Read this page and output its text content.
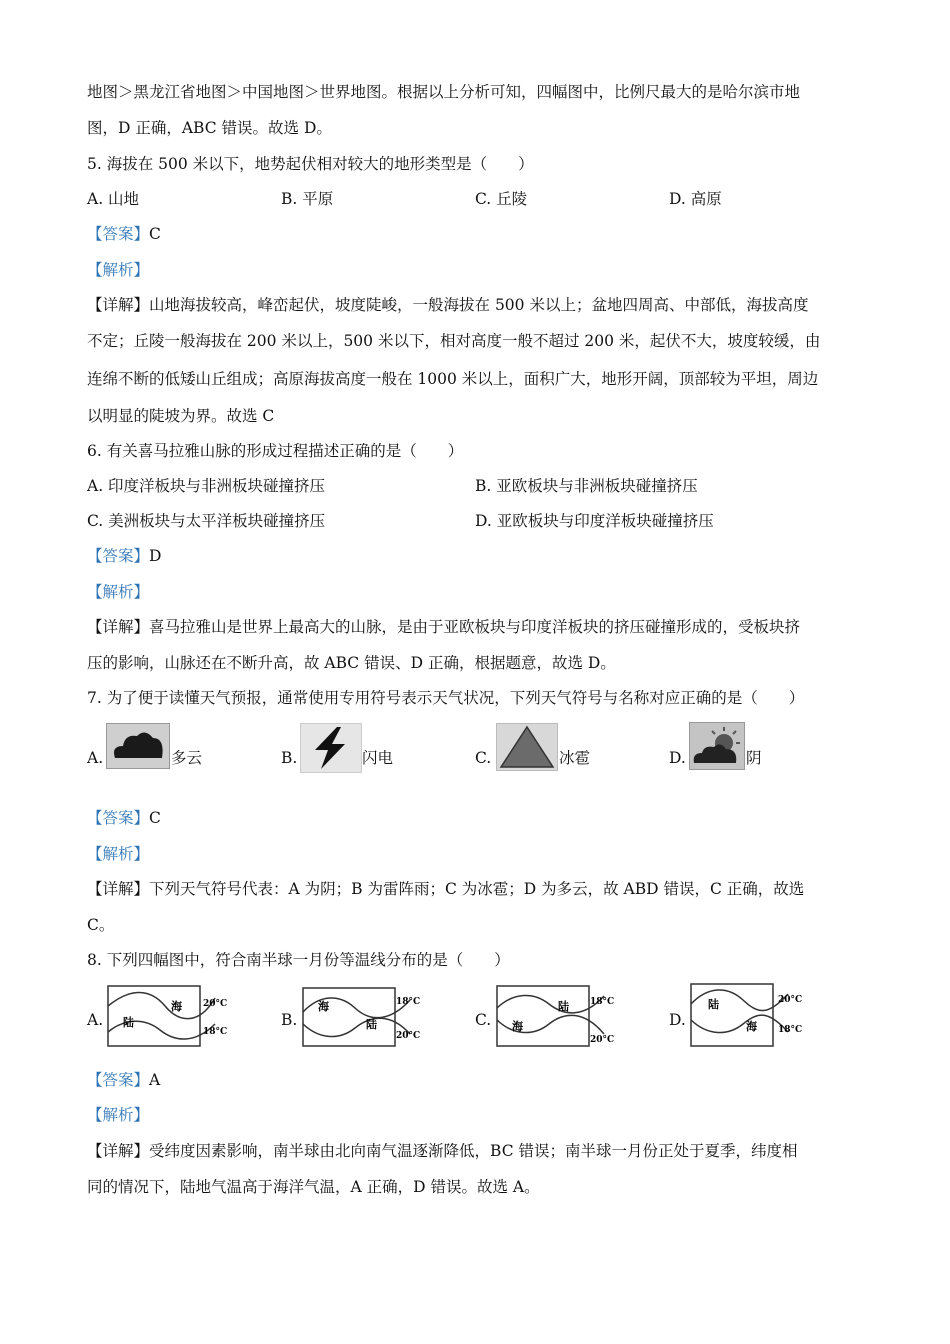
地图＞黑龙江省地图＞中国地图＞世界地图。根据以上分析可知，四幅图中，比例尺最大的是哈尔滨市地
图，D 正确，ABC 错误。故选 D。
5. 海拔在 500 米以下，地势起伏相对较大的地形类型是（　　）
A. 山地	B. 平原	C. 丘陵	D. 高原
【答案】C
【解析】
【详解】山地海拔较高，峰峦起伏，坡度陡峻，一般海拔在 500 米以上；盆地四周高、中部低，海拔高度
不定；丘陵一般海拔在 200 米以上，500 米以下，相对高度一般不超过 200 米，起伏不大，坡度较缓，由
连绵不断的低矮山丘组成；高原海拔高度一般在 1000 米以上，面积广大，地形开阔，顶部较为平坦，周边
以明显的陡坡为界。故选 C
6. 有关喜马拉雅山脉的形成过程描述正确的是（　　）
A. 印度洋板块与非洲板块碰撞挤压	B. 亚欧板块与非洲板块碰撞挤压
C. 美洲板块与太平洋板块碰撞挤压	D. 亚欧板块与印度洋板块碰撞挤压
【答案】D
【解析】
【详解】喜马拉雅山是世界上最高大的山脉，是由于亚欧板块与印度洋板块的挤压碰撞形成的，受板块挤
压的影响，山脉还在不断升高，故 ABC 错误、D 正确，根据题意，故选 D。
7. 为了便于读懂天气预报，通常使用专用符号表示天气状况，下列天气符号与名称对应正确的是（　　）
A.	多云	B.	闪电	C.	冰雹	D.	阴
【答案】C
【解析】
【详解】下列天气符号代表：A 为阴；B 为雷阵雨；C 为冰雹；D 为多云，故 ABD 错误，C 正确，故选
C。
8. 下列四幅图中，符合南半球一月份等温线分布的是（　　）
A.
海
陆
20°C
18°C
B.
海
陆
18°C
20°C
C.
陆
海
18°C
20°C
D.
陆
海
20°C
18°C
【答案】A
【解析】
【详解】受纬度因素影响，南半球由北向南气温逐渐降低，BC 错误；南半球一月份正处于夏季，纬度相
同的情况下，陆地气温高于海洋气温，A 正确，D 错误。故选 A。
